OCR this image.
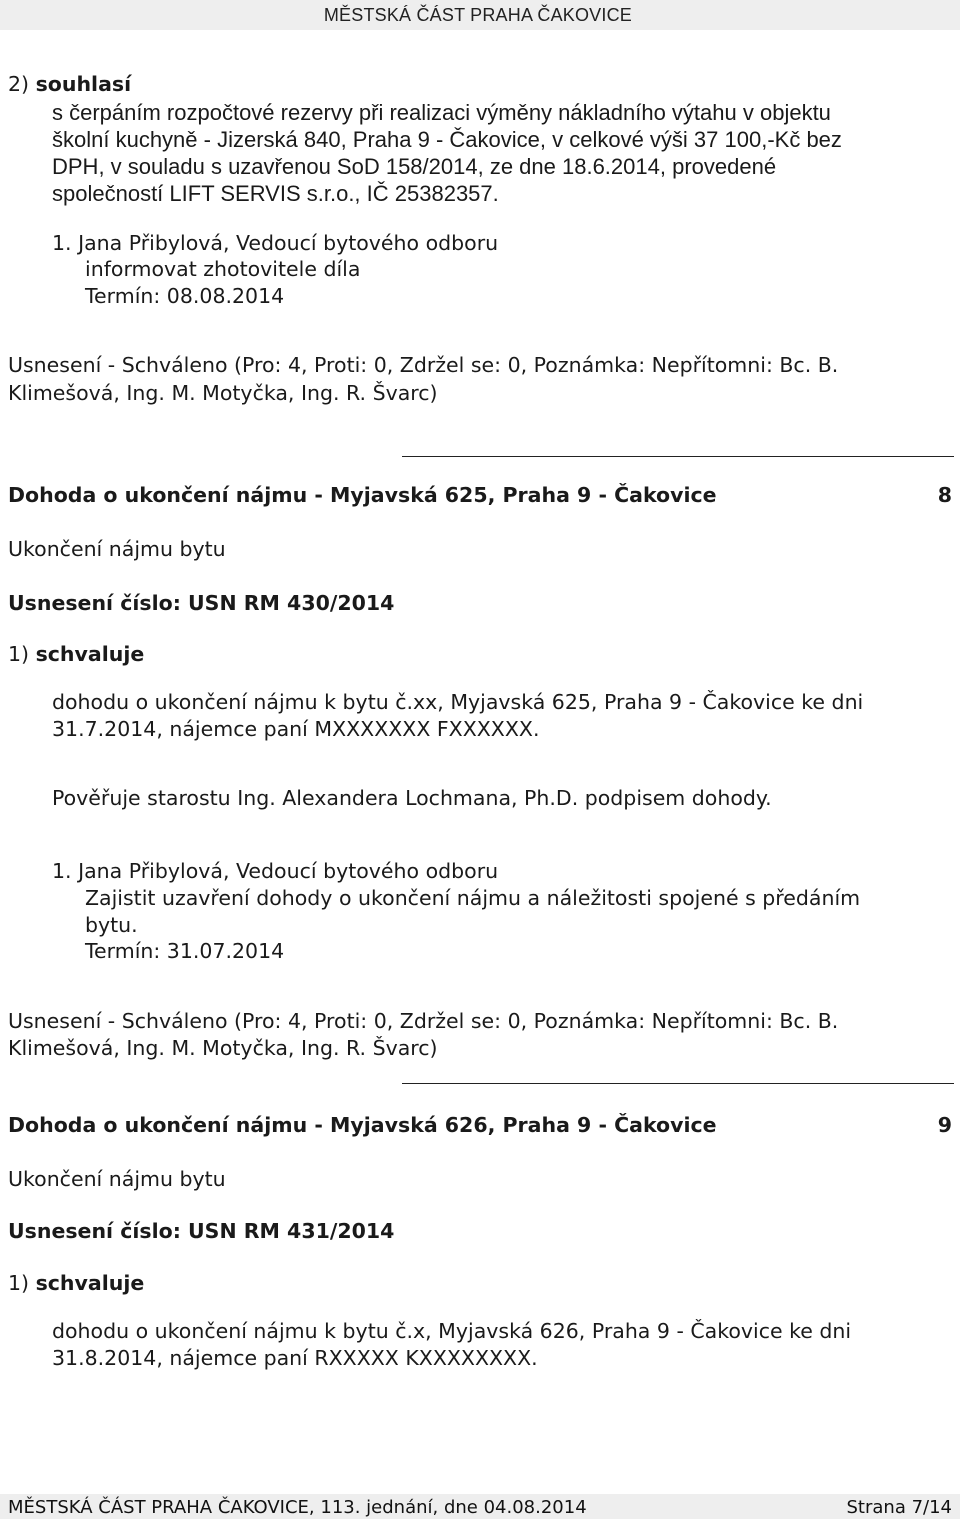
MĚSTSKÁ ČÁST PRAHA ČAKOVICE
2) souhlasí
s čerpáním rozpočtové rezervy při realizaci výměny nákladního výtahu v objektu
školní kuchyně - Jizerská 840, Praha 9 - Čakovice, v celkové výši 37 100,-Kč bez
DPH, v souladu s uzavřenou SoD 158/2014, ze dne 18.6.2014, provedené
společností LIFT SERVIS s.r.o., IČ 25382357.
1. Jana Přibylová, Vedoucí bytového odboru
informovat zhotovitele díla
Termín: 08.08.2014
Usnesení - Schváleno (Pro: 4, Proti: 0, Zdržel se: 0, Poznámka: Nepřítomni: Bc. B.
Klimešová, Ing. M. Motyčka, Ing. R. Švarc)
Dohoda o ukončení nájmu - Myjavská 625, Praha 9 - Čakovice	8
Ukončení nájmu bytu
Usnesení číslo: USN RM 430/2014
1) schvaluje
dohodu o ukončení nájmu k bytu č.xx, Myjavská 625, Praha 9 - Čakovice ke dni
31.7.2014, nájemce paní MXXXXXXX FXXXXXX.
Pověřuje starostu Ing. Alexandera Lochmana, Ph.D. podpisem dohody.
1. Jana Přibylová, Vedoucí bytového odboru
Zajistit uzavření dohody o ukončení nájmu a náležitosti spojené s předáním
bytu.
Termín: 31.07.2014
Usnesení - Schváleno (Pro: 4, Proti: 0, Zdržel se: 0, Poznámka: Nepřítomni: Bc. B.
Klimešová, Ing. M. Motyčka, Ing. R. Švarc)
Dohoda o ukončení nájmu - Myjavská 626, Praha 9 - Čakovice	9
Ukončení nájmu bytu
Usnesení číslo: USN RM 431/2014
1) schvaluje
dohodu o ukončení nájmu k bytu č.x, Myjavská 626, Praha 9 - Čakovice ke dni
31.8.2014, nájemce paní RXXXXX KXXXXXXXX.
MĚSTSKÁ ČÁST PRAHA ČAKOVICE, 113. jednání, dne 04.08.2014	Strana 7/14
